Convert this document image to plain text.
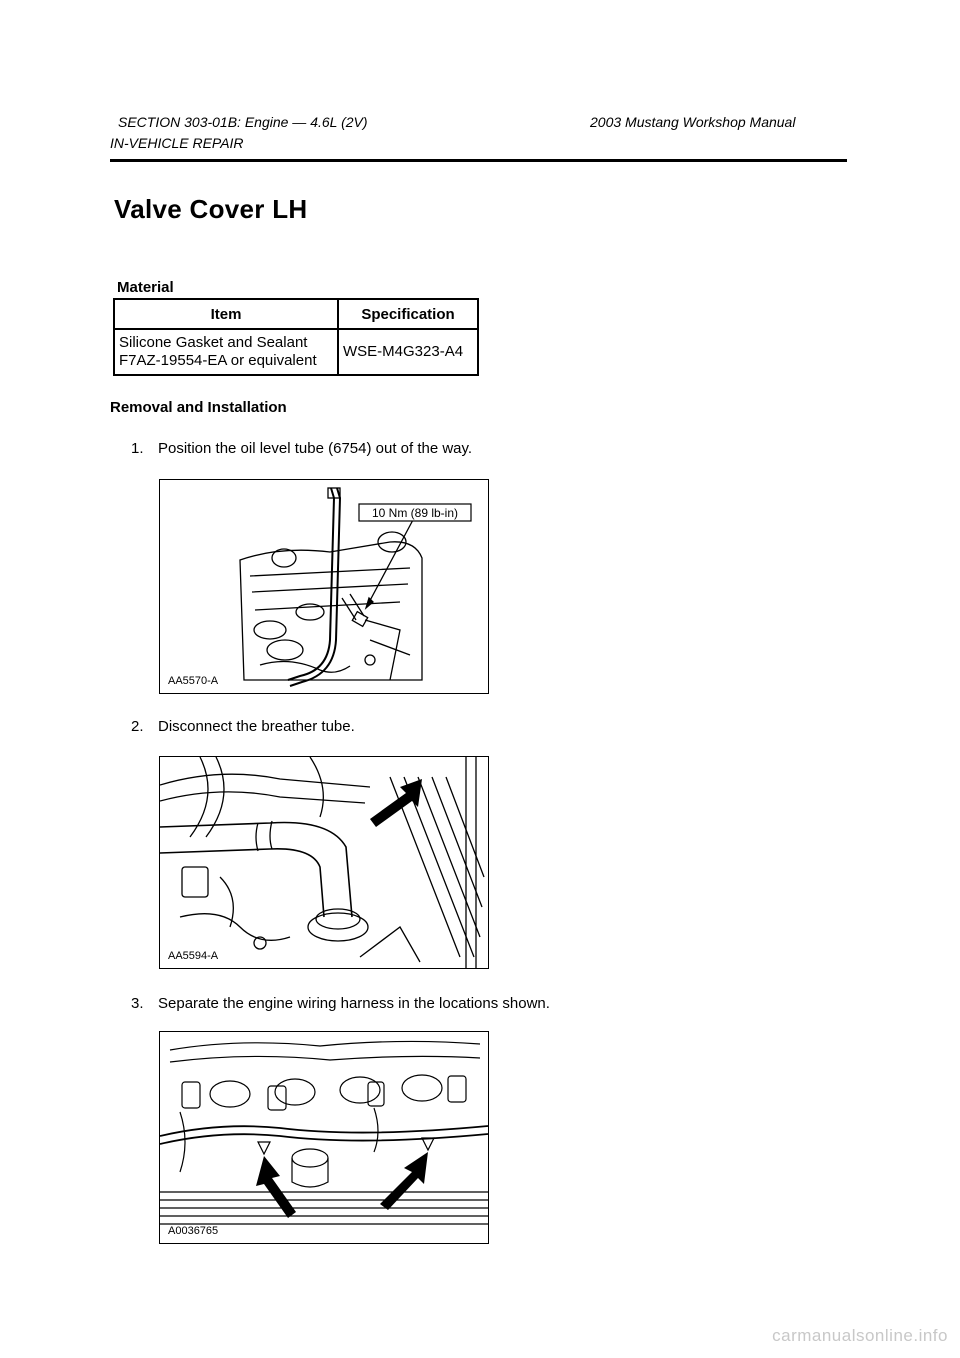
SECTION 303-01B: Engine — 4.6L (2V)	2003 Mustang Workshop Manual
IN-VEHICLE REPAIR
Valve Cover LH
Material
Item	Specification

Silicone Gasket and Sealant
F7AZ-19554-EA or equivalent	WSE-M4G323-A4
Removal and Installation
1. Position the oil level tube (6754) out of the way.
10 Nm (89 lb-in)
AA5570-A
2. Disconnect the breather tube.
AA5594-A
3. Separate the engine wiring harness in the locations shown.
A0036765
carmanualsonline.info
